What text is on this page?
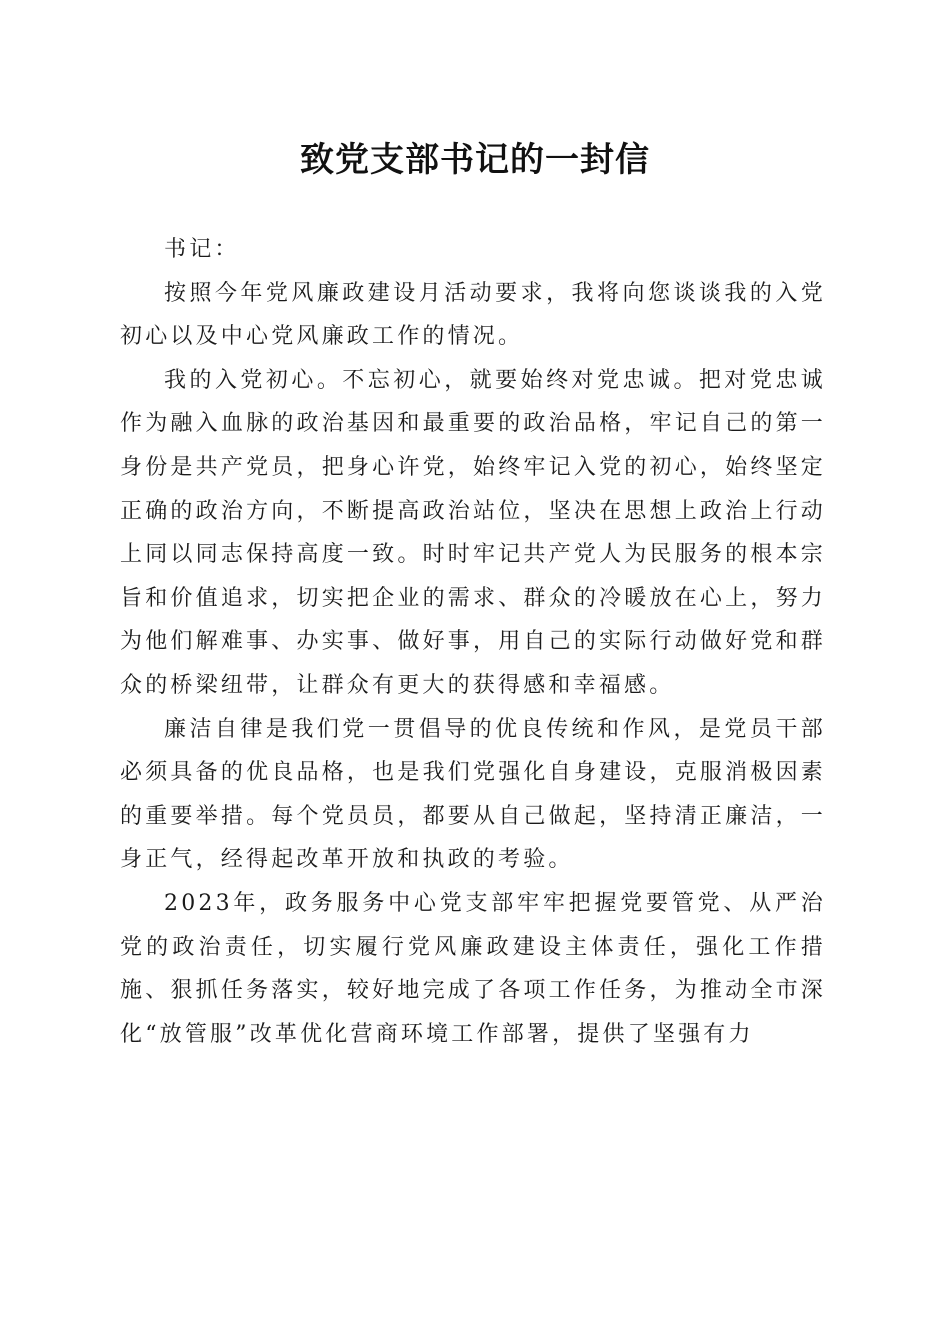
致党支部书记的一封信

书记：

按照今年党风廉政建设月活动要求，我将向您谈谈我的入党初心以及中心党风廉政工作的情况。

我的入党初心。不忘初心，就要始终对党忠诚。把对党忠诚作为融入血脉的政治基因和最重要的政治品格，牢记自己的第一身份是共产党员，把身心许党，始终牢记入党的初心，始终坚定正确的政治方向，不断提高政治站位，坚决在思想上政治上行动上同以同志保持高度一致。时时牢记共产党人为民服务的根本宗旨和价值追求，切实把企业的需求、群众的冷暖放在心上，努力为他们解难事、办实事、做好事，用自己的实际行动做好党和群众的桥梁纽带，让群众有更大的获得感和幸福感。

廉洁自律是我们党一贯倡导的优良传统和作风，是党员干部必须具备的优良品格，也是我们党强化自身建设，克服消极因素的重要举措。每个党员员，都要从自己做起，坚持清正廉洁，一身正气，经得起改革开放和执政的考验。

2023年，政务服务中心党支部牢牢把握党要管党、从严治党的政治责任，切实履行党风廉政建设主体责任，强化工作措施、狠抓任务落实，较好地完成了各项工作任务，为推动全市深化“放管服”改革优化营商环境工作部署，提供了坚强有力
